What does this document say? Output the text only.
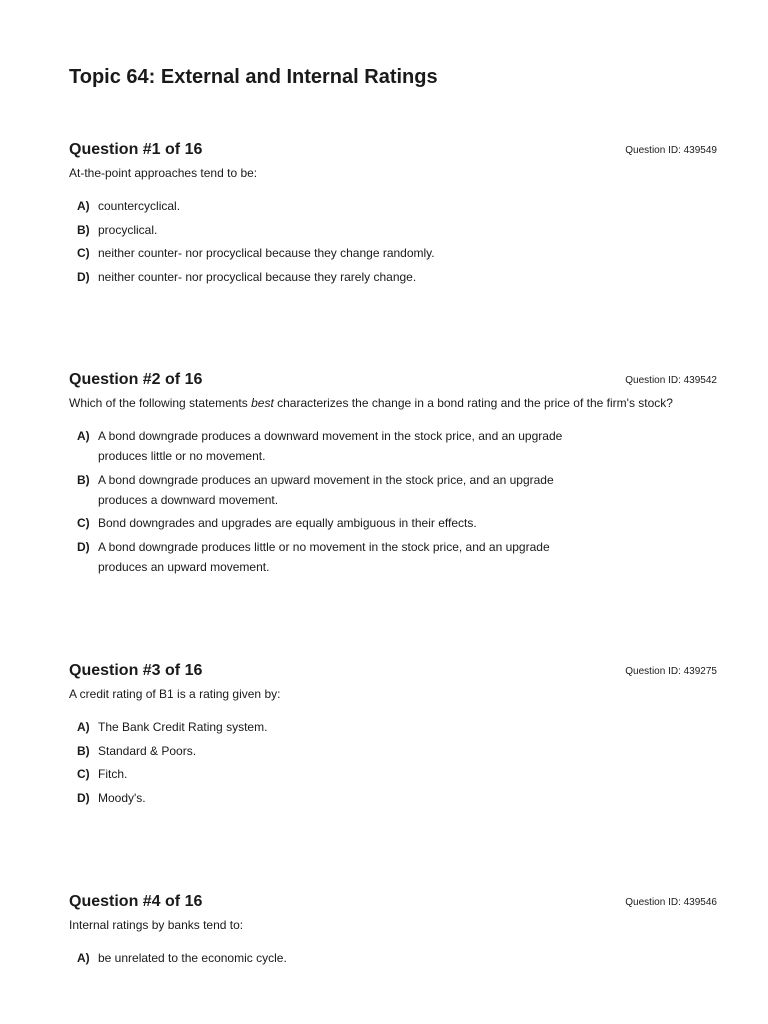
Topic 64: External and Internal Ratings
Question #1 of 16	Question ID: 439549
At-the-point approaches tend to be:
A) countercyclical.
B) procyclical.
C) neither counter- nor procyclical because they change randomly.
D) neither counter- nor procyclical because they rarely change.
Question #2 of 16	Question ID: 439542
Which of the following statements best characterizes the change in a bond rating and the price of the firm's stock?
A) A bond downgrade produces a downward movement in the stock price, and an upgrade produces little or no movement.
B) A bond downgrade produces an upward movement in the stock price, and an upgrade produces a downward movement.
C) Bond downgrades and upgrades are equally ambiguous in their effects.
D) A bond downgrade produces little or no movement in the stock price, and an upgrade produces an upward movement.
Question #3 of 16	Question ID: 439275
A credit rating of B1 is a rating given by:
A) The Bank Credit Rating system.
B) Standard & Poors.
C) Fitch.
D) Moody's.
Question #4 of 16	Question ID: 439546
Internal ratings by banks tend to:
A) be unrelated to the economic cycle.
